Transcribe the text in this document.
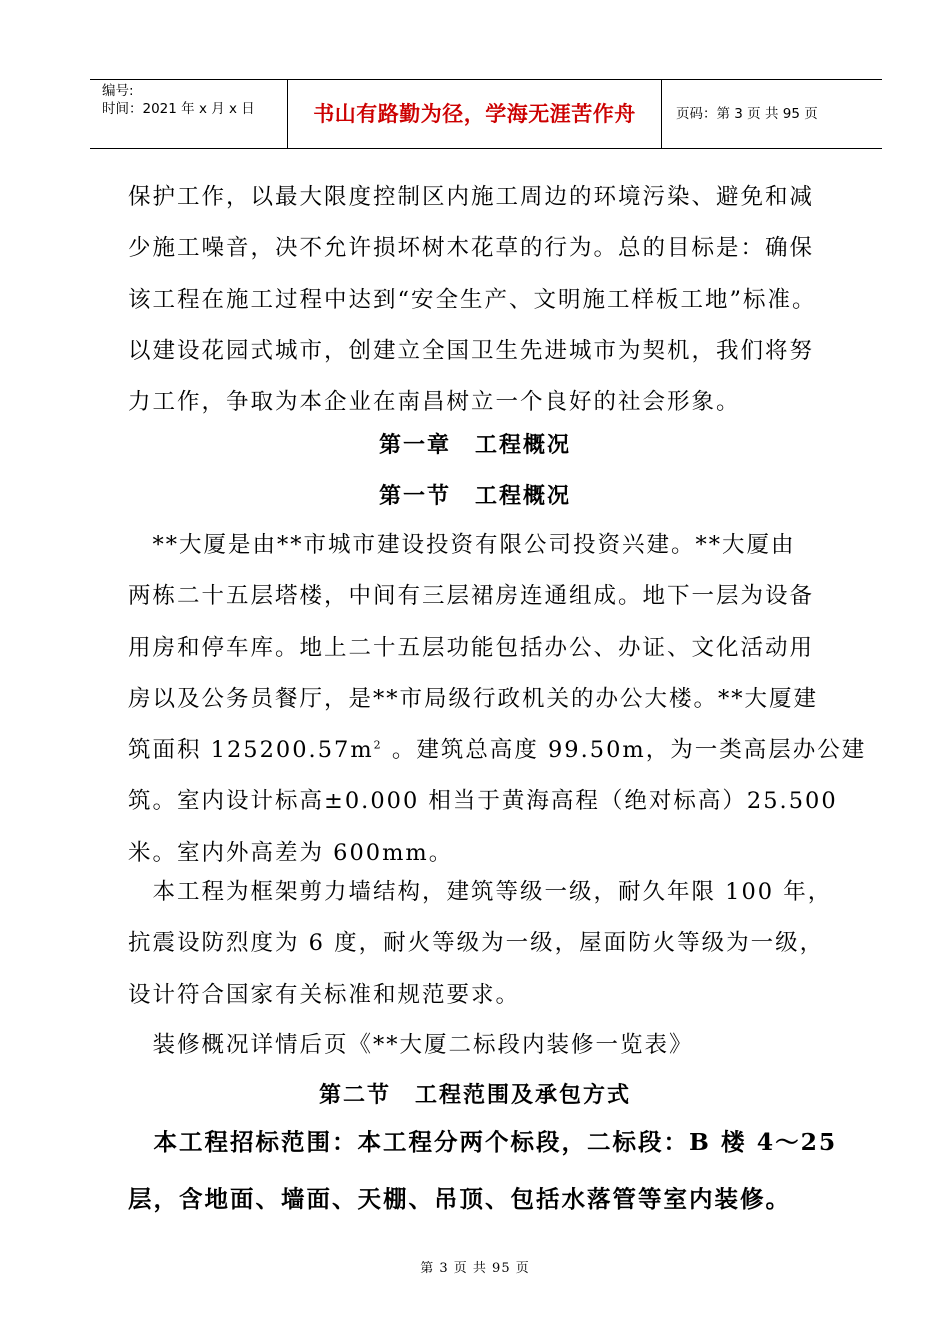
编号:
时间：2021 年 x 月 x 日	书山有路勤为径，学海无涯苦作舟	页码：第 3 页 共 95 页
保护工作，以最大限度控制区内施工周边的环境污染、避免和减
少施工噪音，决不允许损坏树木花草的行为。总的目标是：确保
该工程在施工过程中达到“安全生产、文明施工样板工地”标准。
以建设花园式城市，创建立全国卫生先进城市为契机，我们将努
力工作，争取为本企业在南昌树立一个良好的社会形象。
第一章　工程概况
第一节　工程概况
　**大厦是由**市城市建设投资有限公司投资兴建。**大厦由
两栋二十五层塔楼，中间有三层裙房连通组成。地下一层为设备
用房和停车库。地上二十五层功能包括办公、办证、文化活动用
房以及公务员餐厅，是**市局级行政机关的办公大楼。**大厦建
筑面积 $125200.57m^2$ 。建筑总高度 99.50m，为一类高层办公建
筑。室内设计标高±0.000 相当于黄海高程（绝对标高）25.500
米。室内外高差为 600mm。
　本工程为框架剪力墙结构，建筑等级一级，耐久年限 100 年，
抗震设防烈度为 6 度，耐火等级为一级，屋面防火等级为一级，
设计符合国家有关标准和规范要求。
　装修概况详情后页《**大厦二标段内装修一览表》
第二节　工程范围及承包方式
　本工程招标范围：本工程分两个标段，二标段：B 楼 4～25
层，含地面、墙面、天棚、吊顶、包括水落管等室内装修。
第 3 页 共 95 页
